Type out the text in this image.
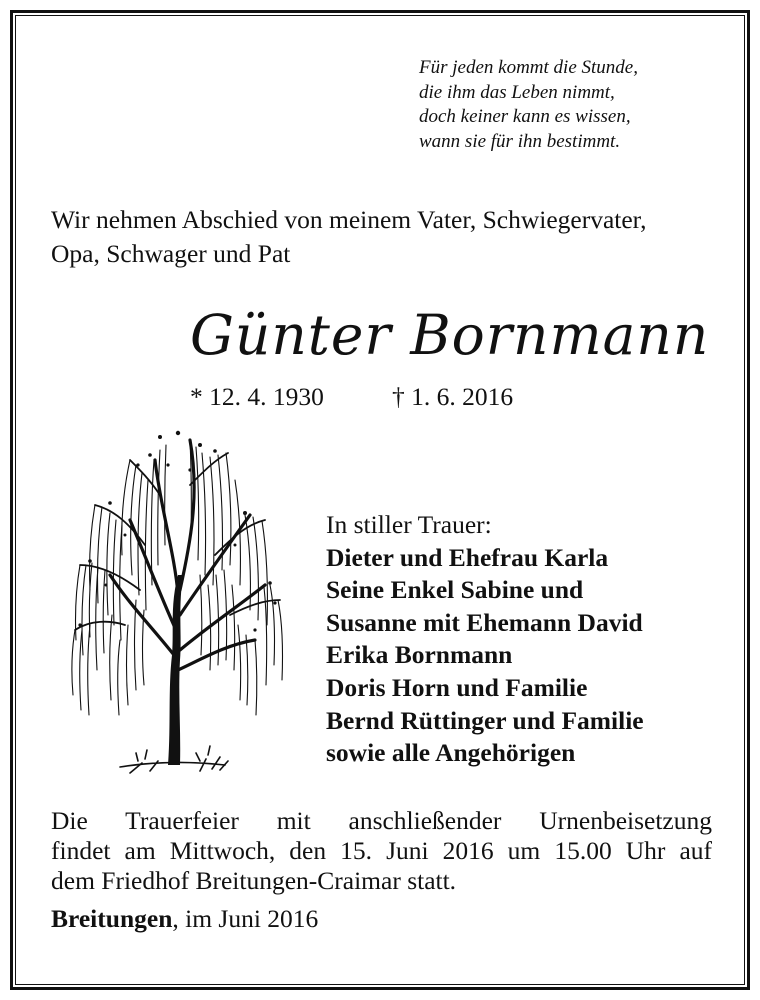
Für jeden kommt die Stunde,
die ihm das Leben nimmt,
doch keiner kann es wissen,
wann sie für ihn bestimmt.
Wir nehmen Abschied von meinem Vater, Schwiegervater,
Opa, Schwager und Pat
Günter Bornmann
* 12. 4. 1930	† 1. 6. 2016
In stiller Trauer:
Dieter und Ehefrau Karla
Seine Enkel Sabine und
Susanne mit Ehemann David
Erika Bornmann
Doris Horn und Familie
Bernd Rüttinger und Familie
sowie alle Angehörigen
Die Trauerfeier mit anschließender Urnenbeisetzung
findet am Mittwoch, den 15. Juni 2016 um 15.00 Uhr auf
dem Friedhof Breitungen-Craimar statt.
Breitungen, im Juni 2016
